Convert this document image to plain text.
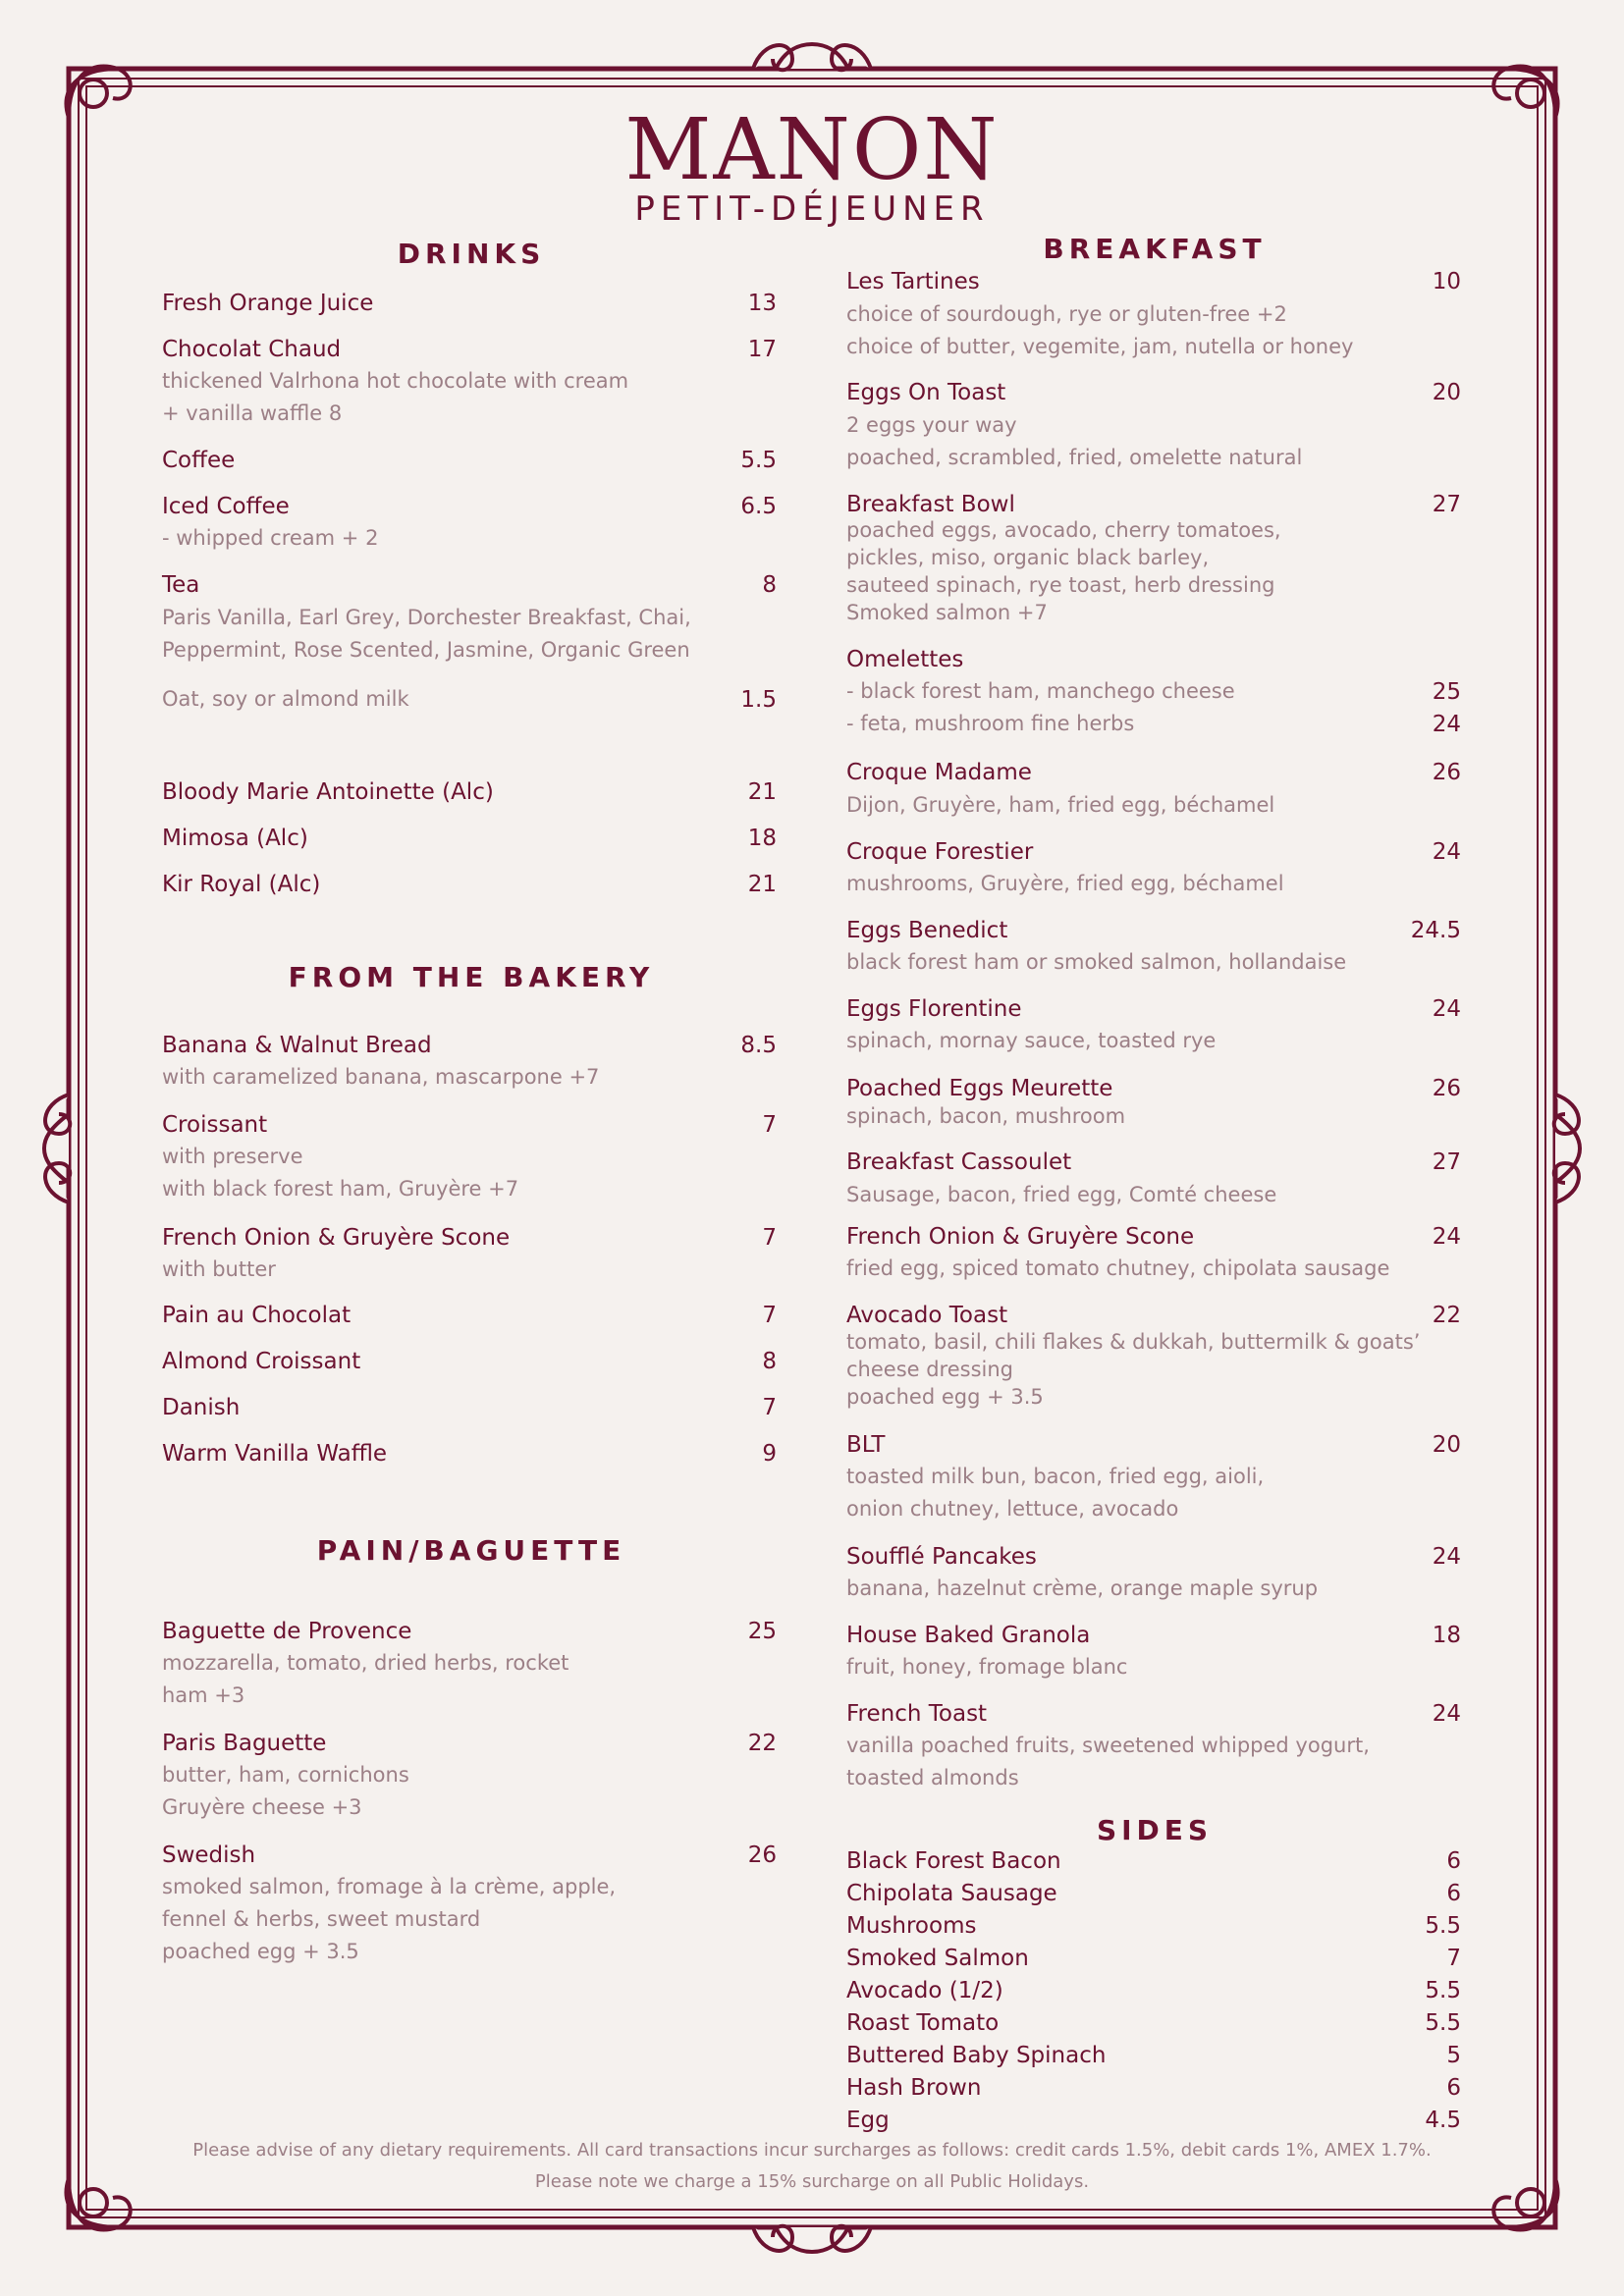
MANON
PETIT-DÉJEUNER
DRINKS
FROM THE BAKERY
PAIN/BAGUETTE
BREAKFAST
SIDES
Fresh Orange Juice	13
Chocolat Chaud	17
thickened Valrhona hot chocolate with cream
+ vanilla waffle 8
Coffee	5.5
Iced Coffee	6.5
- whipped cream + 2
Tea	8
Paris Vanilla, Earl Grey, Dorchester Breakfast, Chai,
Peppermint, Rose Scented, Jasmine, Organic Green
Oat, soy or almond milk	1.5
Bloody Marie Antoinette (Alc)	21
Mimosa (Alc)	18
Kir Royal (Alc)	21
Banana & Walnut Bread	8.5
with caramelized banana, mascarpone +7
Croissant	7
with preserve
with black forest ham, Gruyère +7
French Onion & Gruyère Scone	7
with butter
Pain au Chocolat	7
Almond Croissant	8
Danish	7
Warm Vanilla Waffle	9
Baguette de Provence	25
mozzarella, tomato, dried herbs, rocket
ham +3
Paris Baguette	22
butter, ham, cornichons
Gruyère cheese +3
Swedish	26
smoked salmon, fromage à la crème, apple,
fennel & herbs, sweet mustard
poached egg + 3.5
Les Tartines	10
choice of sourdough, rye or gluten-free +2
choice of butter, vegemite, jam, nutella or honey
Eggs On Toast	20
2 eggs your way
poached, scrambled, fried, omelette natural
Breakfast Bowl	27
poached eggs, avocado, cherry tomatoes,
pickles, miso, organic black barley,
sauteed spinach, rye toast, herb dressing
Smoked salmon +7
Omelettes
- black forest ham, manchego cheese	25
- feta, mushroom fine herbs	24
Croque Madame	26
Dijon, Gruyère, ham, fried egg, béchamel
Croque Forestier	24
mushrooms, Gruyère, fried egg, béchamel
Eggs Benedict	24.5
black forest ham or smoked salmon, hollandaise
Eggs Florentine	24
spinach, mornay sauce, toasted rye
Poached Eggs Meurette	26
spinach, bacon, mushroom
Breakfast Cassoulet	27
Sausage, bacon, fried egg, Comté cheese
French Onion & Gruyère Scone	24
fried egg, spiced tomato chutney, chipolata sausage
Avocado Toast	22
tomato, basil, chili flakes & dukkah, buttermilk & goats’
cheese dressing
poached egg + 3.5
BLT	20
toasted milk bun, bacon, fried egg, aioli,
onion chutney, lettuce, avocado
Soufflé Pancakes	24
banana, hazelnut crème, orange maple syrup
House Baked Granola	18
fruit, honey, fromage blanc
French Toast	24
vanilla poached fruits, sweetened whipped yogurt,
toasted almonds
Black Forest Bacon	6
Chipolata Sausage	6
Mushrooms	5.5
Smoked Salmon	7
Avocado (1/2)	5.5
Roast Tomato	5.5
Buttered Baby Spinach	5
Hash Brown	6
Egg	4.5
Please advise of any dietary requirements. All card transactions incur surcharges as follows: credit cards 1.5%, debit cards 1%, AMEX 1.7%.
Please note we charge a 15% surcharge on all Public Holidays.
